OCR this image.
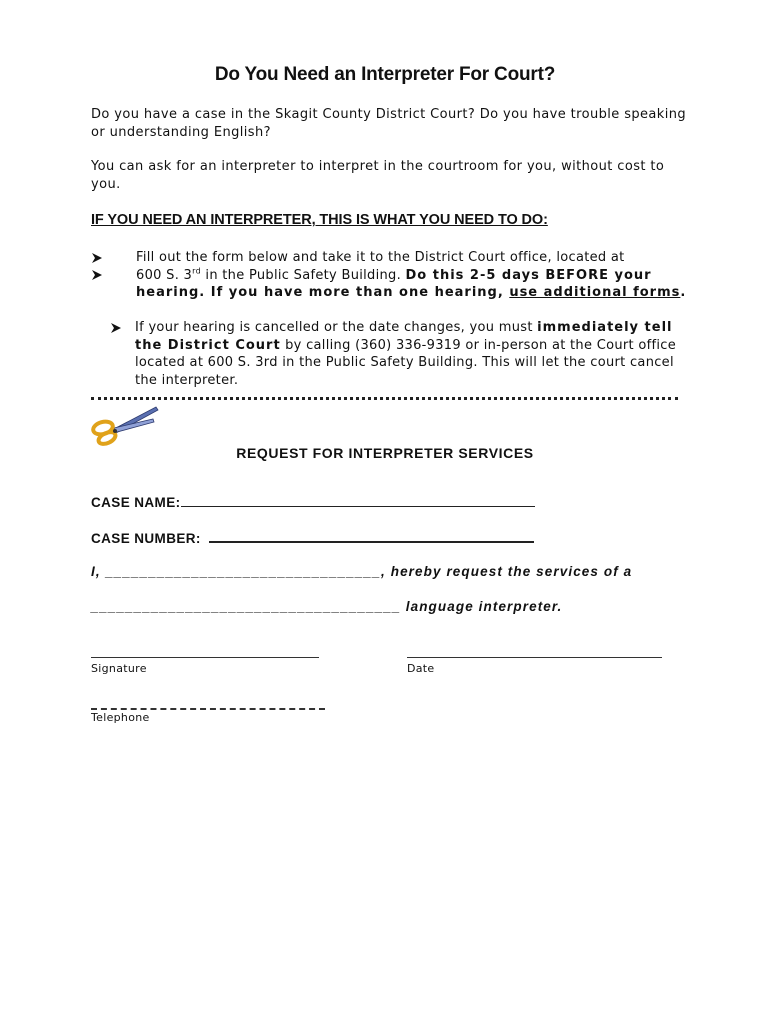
Do You Need an Interpreter For Court?
Do you have a case in the Skagit County District Court? Do you have trouble speaking or understanding English?
You can ask for an interpreter to interpret in the courtroom for you, without cost to you.
IF YOU NEED AN INTERPRETER, THIS IS WHAT YOU NEED TO DO:
Fill out the form below and take it to the District Court office, located at
600 S. 3rd in the Public Safety Building. Do this 2-5 days BEFORE your
hearing. If you have more than one hearing, use additional forms.
If your hearing is cancelled or the date changes, you must immediately tell the District Court by calling (360) 336-9319 or in-person at the Court office located at 600 S. 3rd in the Public Safety Building. This will let the court cancel the interpreter.
REQUEST FOR INTERPRETER SERVICES
CASE NAME:
CASE NUMBER:
I, ________________________________, hereby request the services of a
____________________________________ language interpreter.
Signature	Date
Telephone
